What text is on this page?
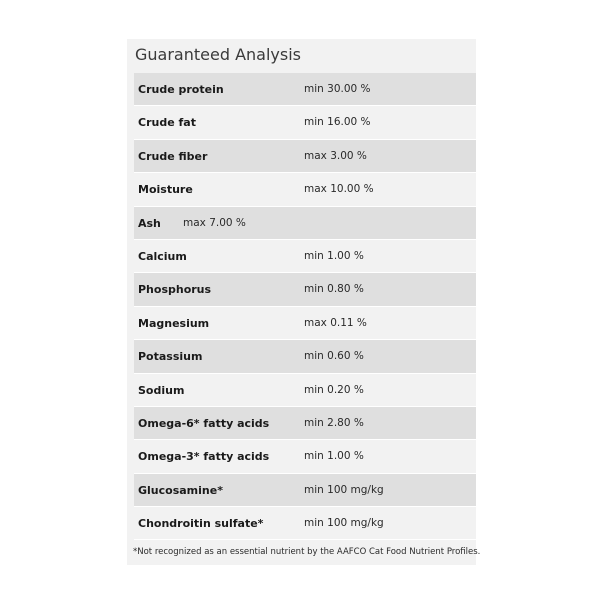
Guaranteed Analysis
Crude protein	min 30.00 %
Crude fat	min 16.00 %
Crude fiber	max 3.00 %
Moisture	max 10.00 %
Ash max 7.00 %
Calcium	min 1.00 %
Phosphorus	min 0.80 %
Magnesium	max 0.11 %
Potassium	min 0.60 %
Sodium	min 0.20 %
Omega-6* fatty acids	min 2.80 %
Omega-3* fatty acids	min 1.00 %
Glucosamine*	min 100 mg/kg
Chondroitin sulfate*	min 100 mg/kg
*Not recognized as an essential nutrient by the AAFCO Cat Food Nutrient Profiles.
